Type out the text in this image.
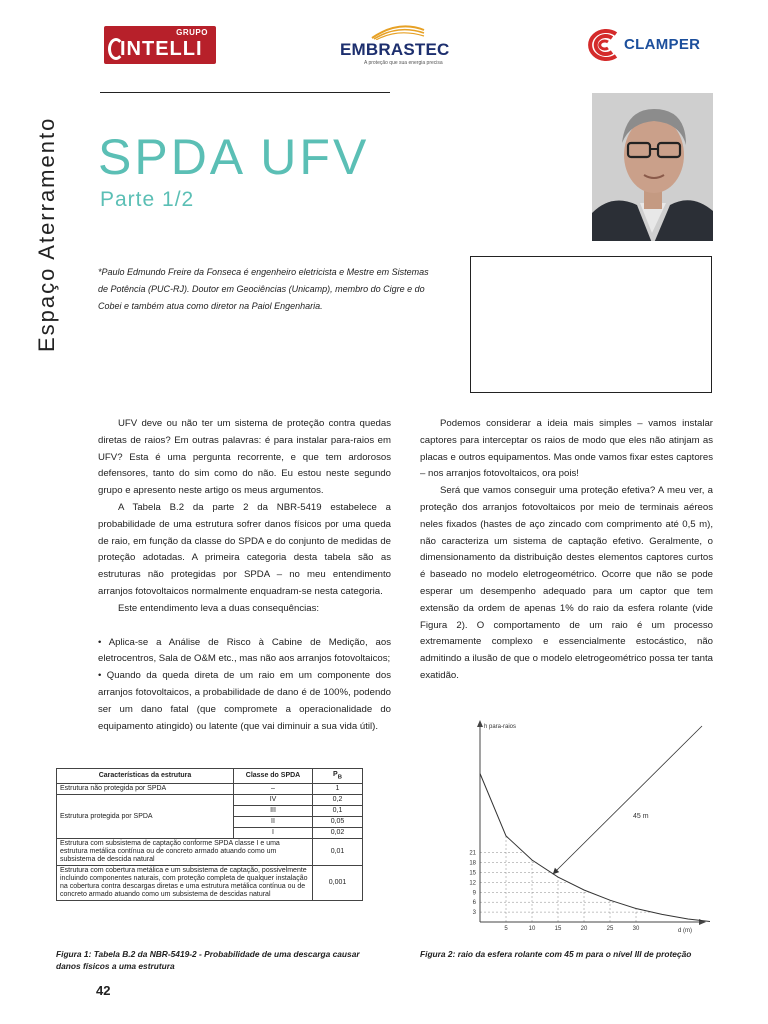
GRUPO
INTELLI	EMBRASTEC
A proteção que sua energia precisa
CLAMPER
Espaço Aterramento SPDA UFV
Parte 1/2
*Paulo Edmundo Freire da Fonseca é engenheiro eletricista e Mestre em Sistemas de Potência (PUC-RJ). Doutor em Geociências (Unicamp), membro do Cigre e do Cobei e também atua como diretor na Paiol Engenharia.

UFV deve ou não ter um sistema de proteção contra quedas diretas de raios? Em outras palavras: é para instalar para-raios em UFV? Esta é uma pergunta recorrente, e que tem ardorosos defensores, tanto do sim como do não. Eu estou neste segundo grupo e apresento neste artigo os meus argumentos.

A Tabela B.2 da parte 2 da NBR-5419 estabelece a probabilidade de uma estrutura sofrer danos físicos por uma queda de raio, em função da classe do SPDA e do conjunto de medidas de proteção adotadas. A primeira categoria desta tabela são as estruturas não protegidas por SPDA – no meu entendimento arranjos fotovoltaicos normalmente enquadram-se nesta categoria.

Este entendimento leva a duas consequências:

• Aplica-se a Análise de Risco à Cabine de Medição, aos eletrocentros, Sala de O&M etc., mas não aos arranjos fotovoltaicos;

• Quando da queda direta de um raio em um componente dos arranjos fotovoltaicos, a probabilidade de dano é de 100%, podendo ser um dano fatal (que compromete a operacionalidade do equipamento atingido) ou latente (que vai diminuir a sua vida útil).

Podemos considerar a ideia mais simples – vamos instalar captores para interceptar os raios de modo que eles não atinjam as placas e outros equipamentos. Mas onde vamos fixar estes captores – nos arranjos fotovoltaicos, ora pois!

Será que vamos conseguir uma proteção efetiva? A meu ver, a proteção dos arranjos fotovoltaicos por meio de terminais aéreos neles fixados (hastes de aço zincado com comprimento até 0,5 m), não caracteriza um sistema de captação efetivo. Geralmente, o dimensionamento da distribuição destes elementos captores curtos é baseado no modelo eletrogeométrico. Ocorre que não se pode esperar um desempenho adequado para um captor que tem extensão da ordem de apenas 1% do raio da esfera rolante (vide Figura 2). O comportamento de um raio é um processo extremamente complexo e essencialmente estocástico, não admitindo a ilusão de que o modelo eletrogeométrico possa ter tanta exatidão.

Características da estrutura	Classe do SPDA	$P_B$
Estrutura não protegida por SPDA	–	1
Estrutura protegida por SPDA	IV	0,2
	III	0,1
	II	0,05
	I	0,02
Estrutura com subsistema de captação conforme SPDA classe I e uma estrutura metálica contínua ou de concreto armado atuando como um subsistema de descida natural		0,01
Estrutura com cobertura metálica e um subsistema de captação, possivelmente incluindo componentes naturais, com proteção completa de qualquer instalação na cobertura contra descargas diretas e uma estrutura metálica contínua ou de concreto armado atuando como um subsistema de descidas natural		0,001
Figura 1: Tabela B.2 da NBR-5419-2 - Probabilidade de uma descarga causar danos físicos a uma estrutura
h para-raios
d (m)
5	10	15	20	25	30
3
6
9
12
15
18
21
45 m
Figura 2: raio da esfera rolante com 45 m para o nível III de proteção
42
